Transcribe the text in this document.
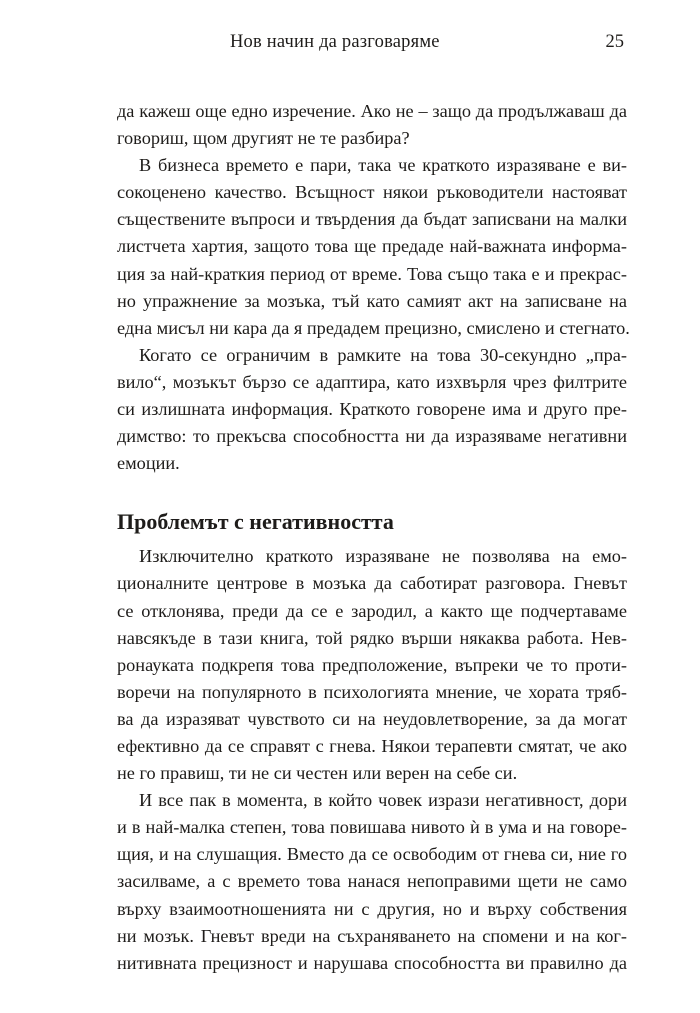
Нов начин да разговаряме	25
да кажеш още едно изречение. Ако не – защо да продължаваш да
говориш, щом другият не те разбира?
В бизнеса времето е пари, така че краткото изразяване е ви-
сокоценено качество. Всъщност някои ръководители настояват
съществените въпроси и твърдения да бъдат записвани на малки
листчета хартия, защото това ще предаде най-важната информа-
ция за най-краткия период от време. Това също така е и прекрас-
но упражнение за мозъка, тъй като самият акт на записване на
една мисъл ни кара да я предадем прецизно, смислено и стегнато.
Когато се ограничим в рамките на това 30-секундно „пра-
вило“, мозъкът бързо се адаптира, като изхвърля чрез филтрите
си излишната информация. Краткото говорене има и друго пре-
димство: то прекъсва способността ни да изразяваме негативни
емоции.
Проблемът с негативността
Изключително краткото изразяване не позволява на емо-
ционалните центрове в мозъка да саботират разговора. Гневът
се отклонява, преди да се е зародил, а както ще подчертаваме
навсякъде в тази книга, той рядко върши някаква работа. Нев-
ронауката подкрепя това предположение, въпреки че то проти-
воречи на популярното в психологията мнение, че хората тряб-
ва да изразяват чувството си на неудовлетворение, за да могат
ефективно да се справят с гнева. Някои терапевти смятат, че ако
не го правиш, ти не си честен или верен на себе си.
И все пак в момента, в който човек изрази негативност, дори
и в най-малка степен, това повишава нивото ѝ в ума и на говоре-
щия, и на слушащия. Вместо да се освободим от гнева си, ние го
засилваме, а с времето това нанася непоправими щети не само
върху взаимоотношенията ни с другия, но и върху собствения
ни мозък. Гневът вреди на съхраняването на спомени и на ког-
нитивната прецизност и нарушава способността ви правилно да
